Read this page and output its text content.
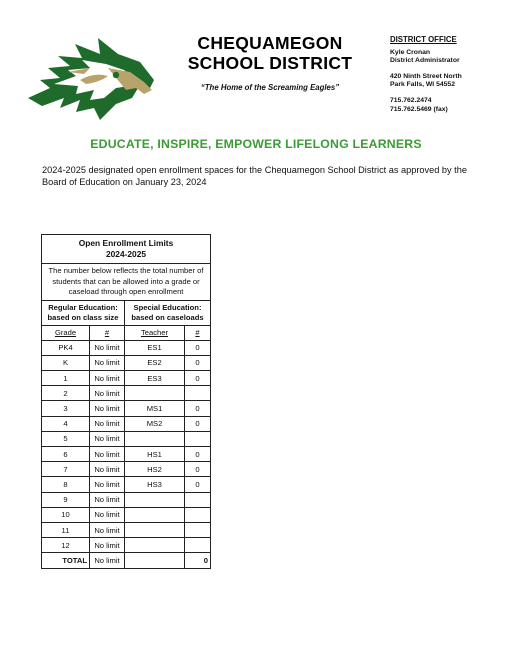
CHEQUAMEGON
SCHOOL DISTRICT
“The Home of the Screaming Eagles”
DISTRICT OFFICE
Kyle Cronan
District Administrator
420 Ninth Street North
Park Falls, WI 54552
715.762.2474
715.762.5469 (fax)
EDUCATE, INSPIRE, EMPOWER LIFELONG LEARNERS
2024-2025 designated open enrollment spaces for the Chequamegon School District as approved by the Board of Education on January 23, 2024
Open Enrollment Limits
2024-2025			

The number below reflects the total number of students that can be allowed into a grade or caseload through open enrollment			
Regular Education: based on class size		Special Education: based on caseloads	
Grade	#	Teacher	#
PK4	No limit	ES1	0
K	No limit	ES2	0
1	No limit	ES3	0
2	No limit		
3	No limit	MS1	0
4	No limit	MS2	0
5	No limit		
6	No limit	HS1	0
7	No limit	HS2	0
8	No limit	HS3	0
9	No limit		
10	No limit		
11	No limit		
12	No limit		
TOTAL	No limit		0
